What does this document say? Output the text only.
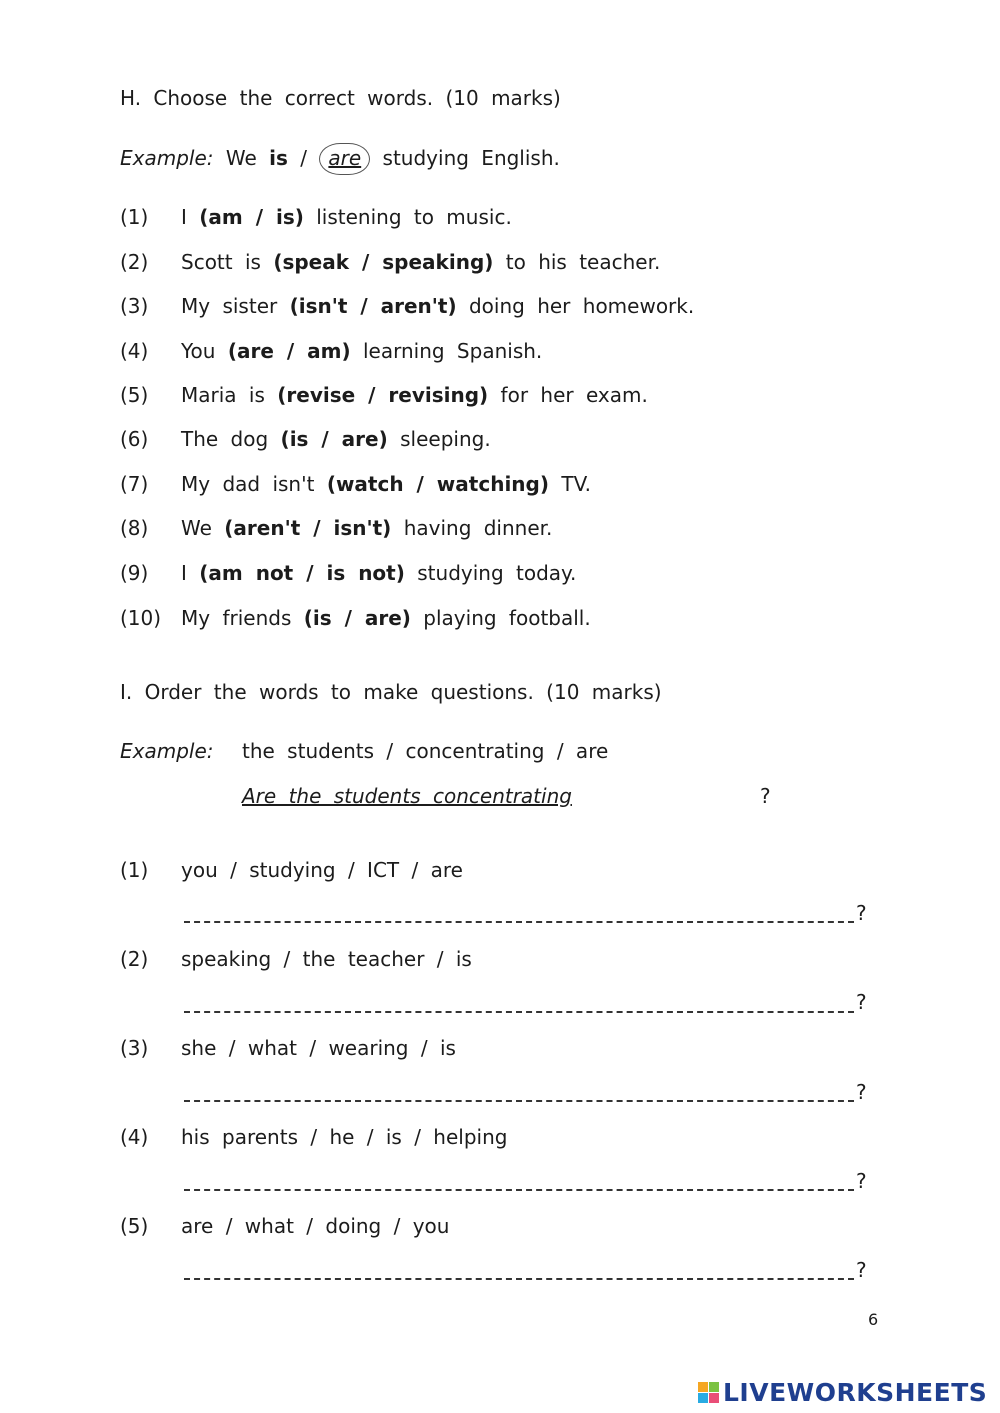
H. Choose the correct words. (10 marks)
Example: We is / are studying English.
(1) I (am / is) listening to music.
(2) Scott is (speak / speaking) to his teacher.
(3) My sister (isn't / aren't) doing her homework.
(4) You (are / am) learning Spanish.
(5) Maria is (revise / revising) for her exam.
(6) The dog (is / are) sleeping.
(7) My dad isn't (watch / watching) TV.
(8) We (aren't / isn't) having dinner.
(9) I (am not / is not) studying today.
(10) My friends (is / are) playing football.
I. Order the words to make questions. (10 marks)
Example: the students / concentrating / are
Are the students concentrating	?
(1) you / studying / ICT / are
?
(2) speaking / the teacher / is
?
(3) she / what / wearing / is
?
(4) his parents / he / is / helping
?
(5) are / what / doing / you
?
6
LIVEWORKSHEETS
